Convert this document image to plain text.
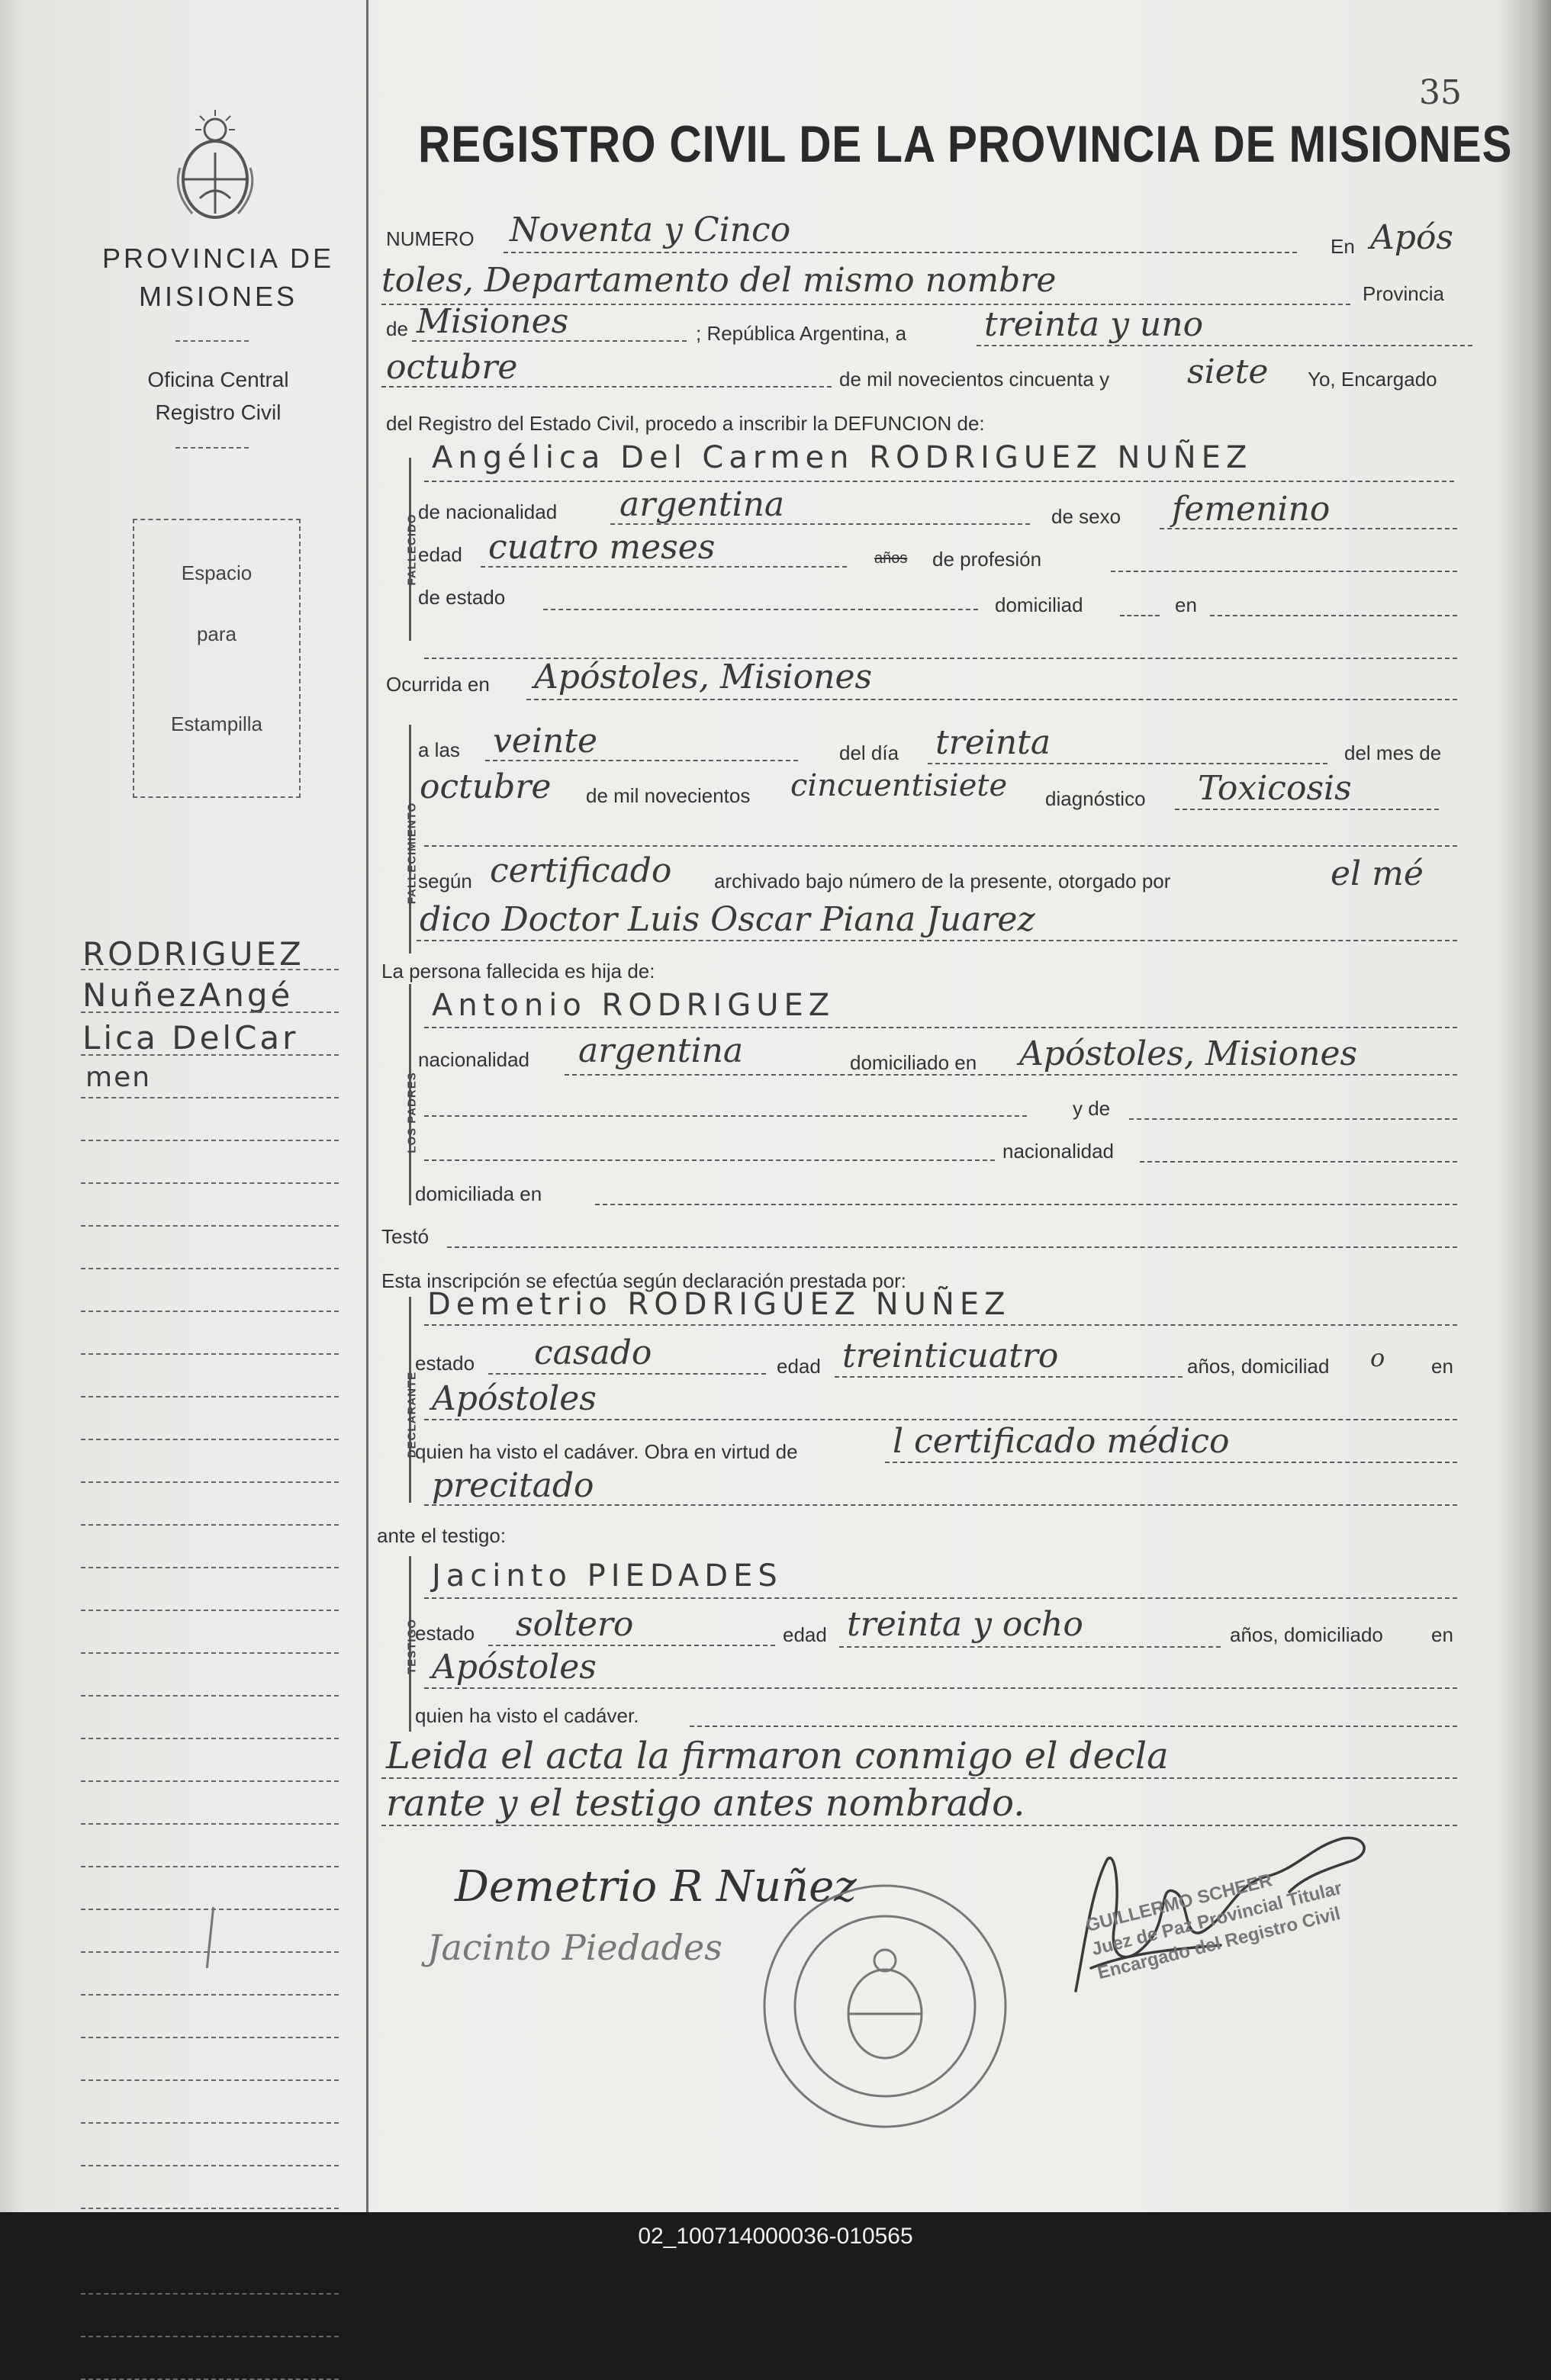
35
REGISTRO CIVIL DE LA PROVINCIA DE MISIONES
PROVINCIA DE
MISIONES
Oficina Central
Registro Civil
Espacio
para
Estampilla
RODRIGUEZ
NuñezAngé
Lica DelCar
men
NUMERO Noventa y Cinco	En Após
toles, Departamento del mismo nombre	Provincia
de Misiones	; República Argentina, a treinta y uno
octubre	de mil novecientos cincuenta y siete Yo, Encargado
del Registro del Estado Civil, procedo a inscribir la DEFUNCION de:
FALLECIDO
Angélica Del Carmen RODRIGUEZ NUÑEZ
de nacionalidad argentina	de sexo femenino
edad cuatro meses	años de profesión
de estado	domiciliad	en
Ocurrida en Apóstoles, Misiones
FALLECIMIENTO
a las veinte	del día treinta	del mes de
octubre de mil novecientos cincuentisiete diagnóstico Toxicosis
según certificado archivado bajo número de la presente, otorgado por	el mé
dico Doctor Luis Oscar Piana Juarez
La persona fallecida es hija de:
LOS PADRES
Antonio RODRIGUEZ
nacionalidad argentina	domiciliado en Apóstoles, Misiones
y de
nacionalidad
domiciliada en
Testó
Esta inscripción se efectúa según declaración prestada por:
DECLARANTE
Demetrio RODRIGUEZ NUÑEZ
estado casado	edad treinticuatro	años, domiciliad o en
Apóstoles
quien ha visto el cadáver. Obra en virtud de	l certificado médico
precitado
ante el testigo:
TESTIGO
Jacinto PIEDADES
estado soltero	edad treinta y ocho	años, domiciliado en
Apóstoles
quien ha visto el cadáver.
Leida el acta la firmaron conmigo el decla
rante y el testigo antes nombrado.
Demetrio R Nuñez
Jacinto Piedades
GUILLERMO SCHEER
Juez de Paz Provincial Titular
Encargado del Registro Civil
02_100714000036-010565
